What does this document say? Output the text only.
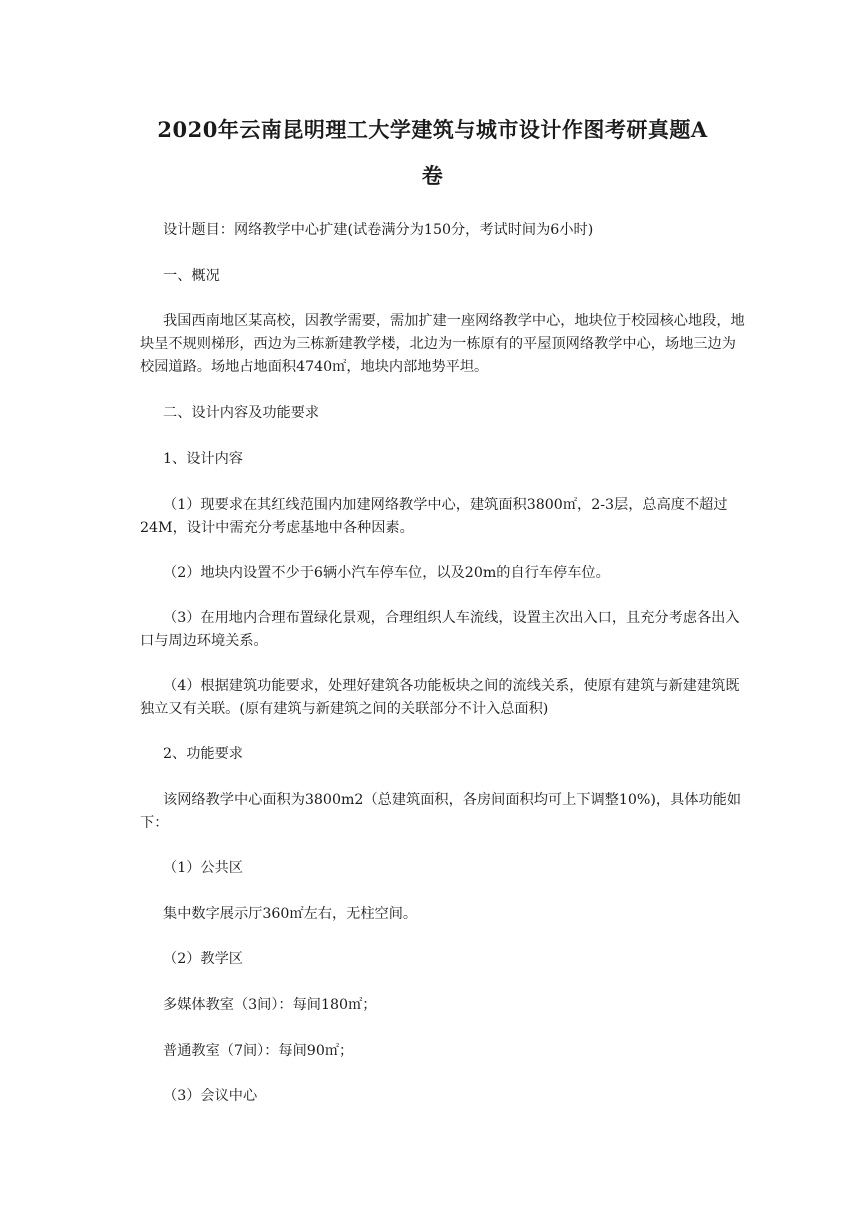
2020年云南昆明理工大学建筑与城市设计作图考研真题A
卷

设计题目：网络教学中心扩建(试卷满分为150分，考试时间为6小时)

一、概况

我国西南地区某高校，因教学需要，需加扩建一座网络教学中心，地块位于校园核心地段，地块呈不规则梯形，西边为三栋新建教学楼，北边为一栋原有的平屋顶网络教学中心，场地三边为校园道路。场地占地面积4740㎡，地块内部地势平坦。

二、设计内容及功能要求

1、设计内容

（1）现要求在其红线范围内加建网络教学中心，建筑面积3800㎡，2-3层，总高度不超过24M，设计中需充分考虑基地中各种因素。

（2）地块内设置不少于6辆小汽车停车位，以及20m的自行车停车位。

（3）在用地内合理布置绿化景观，合理组织人车流线，设置主次出入口，且充分考虑各出入口与周边环境关系。

（4）根据建筑功能要求，处理好建筑各功能板块之间的流线关系，使原有建筑与新建建筑既独立又有关联。(原有建筑与新建筑之间的关联部分不计入总面积)

2、功能要求

该网络教学中心面积为3800m2（总建筑面积，各房间面积均可上下调整10%)，具体功能如下：

（1）公共区

集中数字展示厅360㎡左右，无柱空间。

（2）教学区

多媒体教室（3间）：每间180㎡；

普通教室（7间）：每间90㎡；

（3）会议中心
